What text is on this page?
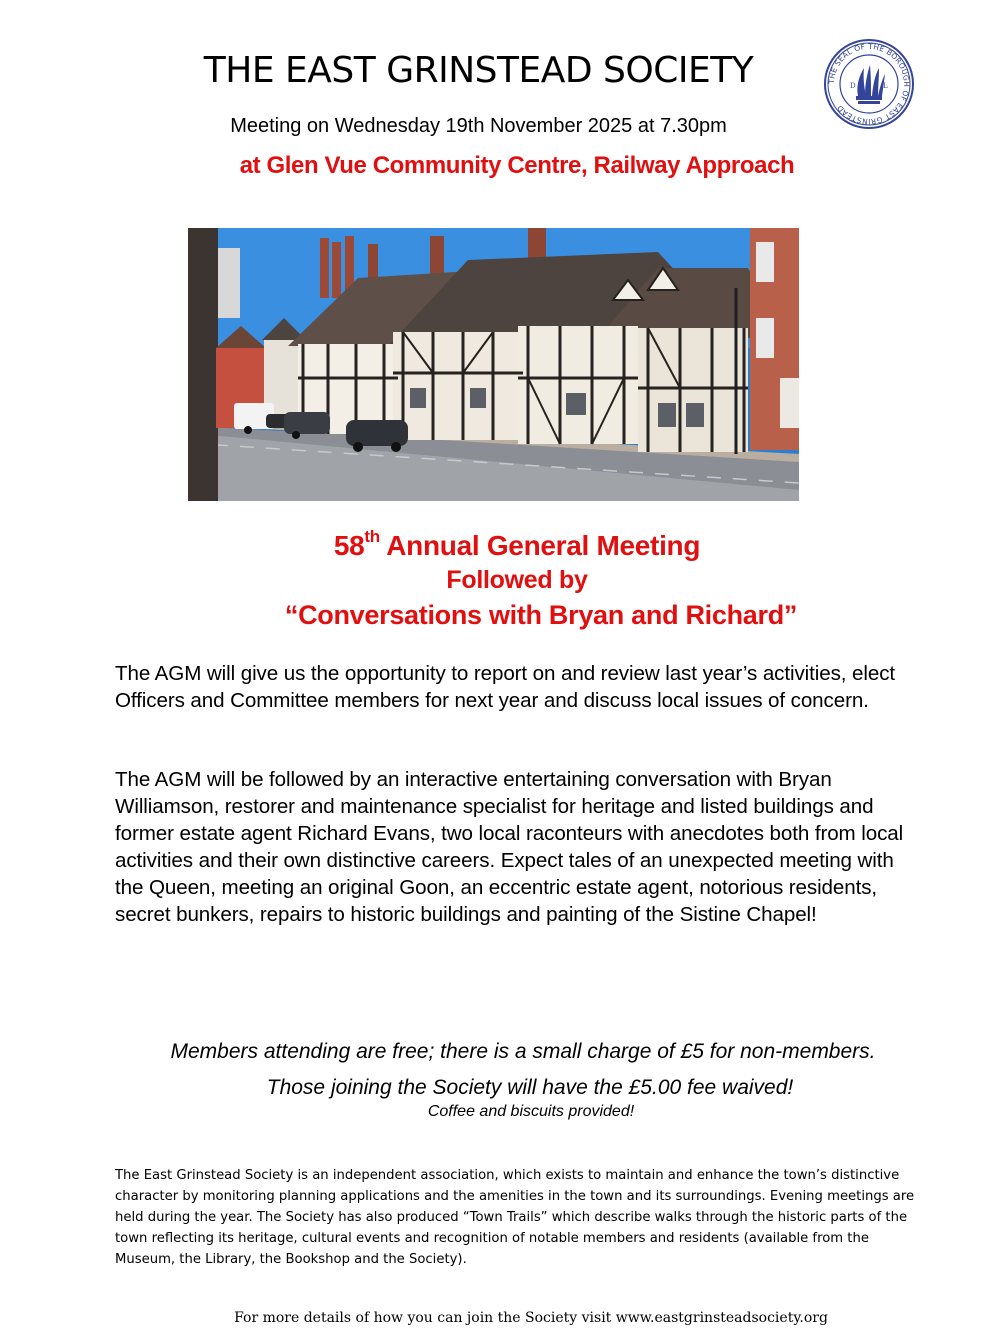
THE EAST GRINSTEAD SOCIETY	THE SEAL OF THE BOROUGH OF EAST GRINSTEAD
D	L
Meeting on Wednesday 19th November 2025 at 7.30pm
at Glen Vue Community Centre, Railway Approach
58th Annual General Meeting
Followed by
“Conversations with Bryan and Richard”
The AGM will give us the opportunity to report on and review last year’s activities, elect Officers and Committee members for next year and discuss local issues of concern.
The AGM will be followed by an interactive entertaining conversation with Bryan Williamson, restorer and maintenance specialist for heritage and listed buildings and former estate agent Richard Evans, two local raconteurs with anecdotes both from local activities and their own distinctive careers. Expect tales of an unexpected meeting with the Queen, meeting an original Goon, an eccentric estate agent, notorious residents, secret bunkers, repairs to historic buildings and painting of the Sistine Chapel!
Members attending are free; there is a small charge of £5 for non-members.
Those joining the Society will have the £5.00 fee waived!
Coffee and biscuits provided!
The East Grinstead Society is an independent association, which exists to maintain and enhance the town’s distinctive character by monitoring planning applications and the amenities in the town and its surroundings. Evening meetings are held during the year. The Society has also produced “Town Trails” which describe walks through the historic parts of the town reflecting its heritage, cultural events and recognition of notable members and residents (available from the Museum, the Library, the Bookshop and the Society).
For more details of how you can join the Society visit www.eastgrinsteadsociety.org
